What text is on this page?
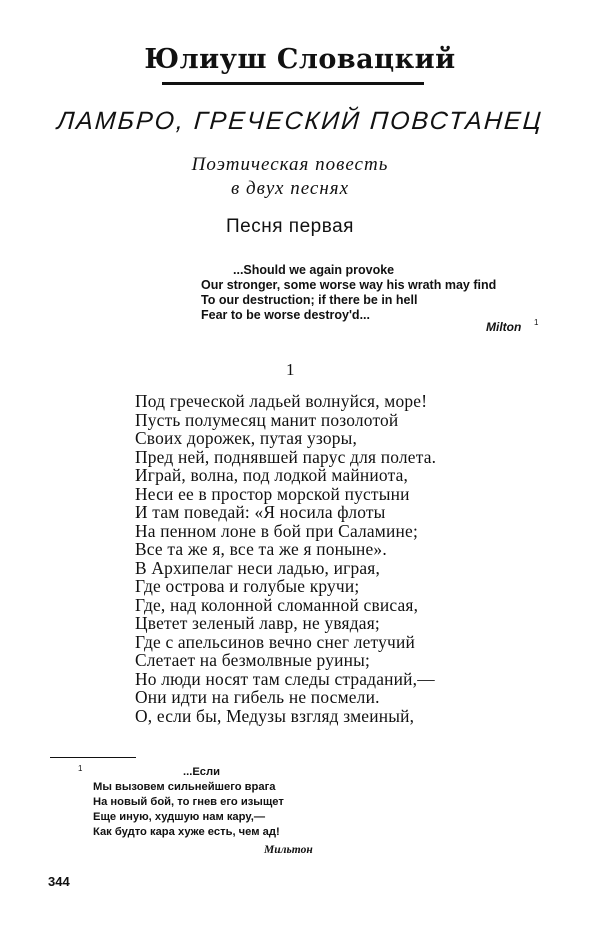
Юлиуш Словацкий
ЛАМБРО, ГРЕЧЕСКИЙ ПОВСТАНЕЦ
Поэтическая повесть
в двух песнях
Песня первая
...Should we again provoke
Our stronger, some worse way his wrath may find
To our destruction; if there be in hell
Fear to be worse destroy'd...
Milton 1
1
Под греческой ладьей волнуйся, море!
Пусть полумесяц манит позолотой
Своих дорожек, путая узоры,
Пред ней, поднявшей парус для полета.
Играй, волна, под лодкой майниота,
Неси ее в простор морской пустыни
И там поведай: «Я носила флоты
На пенном лоне в бой при Саламине;
Все та же я, все та же я поныне».
В Архипелаг неси ладью, играя,
Где острова и голубые кручи;
Где, над колонной сломанной свисая,
Цветет зеленый лавр, не увядая;
Где с апельсинов вечно снег летучий
Слетает на безмолвные руины;
Но люди носят там следы страданий,—
Они идти на гибель не посмели.
О, если бы, Медузы взгляд змеиный,
1	...Если
Мы вызовем сильнейшего врага
На новый бой, то гнев его изыщет
Еще иную, худшую нам кару,—
Как будто кара хуже есть, чем ад!
Мильтон
344
